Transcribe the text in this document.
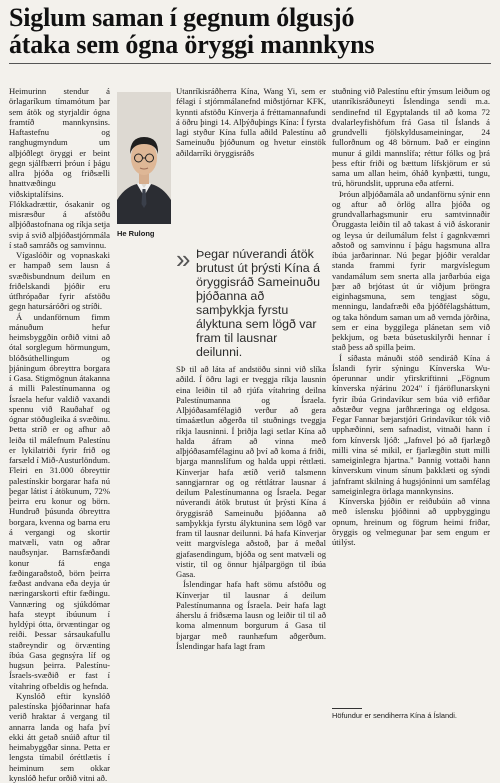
Siglum saman í gegnum ólgusjó
átaka sem ógna öryggi mannkyns

Heimurinn stendur á örlagaríkum tímamótum þar sem átök og styrjaldir ógna framtíð mannkynsins. Haftastefnu og ranghugmyndum um alþjóðlegt öryggi er beint gegn sjálfbærri þróun í þágu allra þjóða og friðsælli hnattvæðingu viðskiptalífsins. Flókkadrættir, ósakanir og misræsður á afstöðu alþjóðastofnana og ríkja setja svip á svið alþjóðastjórnmála í stað samráðs og samvinnu.

Vígaslóðir og vopnaskaki er hampað sem lausn á svæðisbundnum deilum en friðelskandi þjóðir eru útfhrópaðar fyrir afstöðu gegn hatursáróðri og stríði.

Á undanförnum fimm mánuðum hefur heimsbyggðin orðið vitni að ótal sorglegum hörmungum, blóðsúthellingum og þjáningum óbreyttra borgara í Gasa. Stigmögnun átakanna á milli Palestínumanna og Ísraela hefur valdið vaxandi spennu við Rauðahaf og ógnar stöðugleika á svæðinu. Þetta stríð er og afhur að leiða til málefnum Palestínu er lykilatriði fyrir frið og farsæld í Mið-Austurlöndum. Fleiri en 31.000 óbreyttir palestínskir borgarar hafa nú þegar látist í átökunum, 72% þeirra eru konur og börn. Hundruð þúsunda óbreyttra borgara, kvenna og barna eru á vergangi og skortir matvæli, vatn og aðrar nauðsynjar. Barnsfæðandi konur fá enga fæðingaraðstoð, börn þeirra fæðast andvana eða deyja úr næringarskorti eftir fæðingu. Vannæring og sjúkdómar hafa steypt íbúunum í hyldýpi ótta, örvæntingar og reiði. Þessar sársaukafullu staðreyndir og örvænting íbúa Gasa gegnsýra líf og hugsun þeirra. Palestínu-Ísraels-svæðið er fast í vítahring ofbeldis og hefnda.

Kynslóð eftir kynslóð palestínska þjóðarinnar hafa verið hraktar á vergang til annarra landa og hafa því ekki átt getað snúið aftur til heimabyggðar sinna. Petta er lengsta tímabil óréttlætis í heiminum sem okkar kynslóð hefur orðið vitni að.

He Rulong

Utanríkisráðherra Kína, Wang Yi, sem er félagi í stjórnmálanefnd miðstjórnar KFK, kynnti afstöðu Kínverja á fréttamannafundi á öðru þingi 14. Alþýðuþings Kína: Í fyrsta lagi styður Kína fulla aðild Palestínu að Sameinuðu þjóðunum og hvetur einstök aðildarríki öryggisráðs

» Þegar núverandi átök brutust út þrýsti Kína á öryggisráð Sameinuðu þjóðanna að samþykkja fyrstu ályktuna sem lögð var fram til lausnar deilunni.

SÞ til að láta af andstöðu sinni við slíka aðild. Í öðru lagi er tveggja ríkja lausnin eina leiðin til að rjúfa vítahring deilna Palestínumanna og Ísraela. Alþjóðasamfélagið verður að gera tímaáætlun aðgerða til stuðnings tveggja ríkja lausninni. Í þriðja lagi setlar Kína að halda áfram að vinna með alþjóðasamfélaginu að því að koma á friði, bjarga mannslífum og halda uppi réttlæti. Kínverjar hafa ætíð verið talsmenn sanngjarnrar og og réttlátrar lausnar á deilum Palestínumanna og Ísraela. Þegar núverandi átök brutust út þrýsti Kína á öryggisráð Sameinuðu þjóðanna að samþykkja fyrstu ályktunina sem lögð var fram til lausnar deilunni. Þá hafa Kínverjar veitt margvíslega aðstoð, þar á meðal gjafasendingum, bjóða og sent matvæli og vistir, til og önnur hjálpargögn til íbúa Gasa.

Íslendingar hafa haft sömu afstöðu og Kínverjar til lausnar á deilum Palestínumanna og Ísraela. Þeir hafa lagt áherslu á friðsæma lausn og leiðir til til að koma almennum borgurum á Gasa til bjargar með raunhæfum aðgerðum. Íslendingar hafa lagt fram

stuðning við Palestínu eftir ýmsum leiðum og utanríkisráðuneyti Íslendinga sendi m.a. sendinefnd til Egyptalands til að koma 72 dvalarleyfishöfum frá Gasa til Íslands á grundvelli fjölskyldusameiningar, 24 fullorðnum og 48 börnum. Það er einginn munur á gildi mannslífa; réttur fólks og þrá þess eftir friði og bættum lífskjörum er sú sama um allan heim, óháð kynþætti, tungu, trú, hörundslit, uppruna eða atferni.

Þróun alþjóðamála að undanförnu sýnir enn og aftur að örlög allra þjóða og grundvallarhagsmunir eru samtvinnaðir Öruggasta leiðin til að takast á við áskoranir og leysa úr deilumálum felst í gagnkvæmri aðstoð og samvinnu í þágu hagsmuna allra íbúa jarðarinnar. Nú þegar þjóðir veraldar standa frammi fyrir margvíslegum vandamálum sem snerta alla jarðarbúa eiga þær að brjótast út úr viðjum þröngra eiginhagsmuna, sem tengjast sögu, menningu, landafræði eða þjóðfélagsháttum, og taka höndum saman um að vernda jörðina, sem er eina byggilega plánetan sem við þekkjum, og bæta búsetuskilyrði hennar í stað þess að spilla þeim.

Í síðasta mánuði stóð sendiráð Kína á Íslandi fyrir sýningu Kínverska Wu-óperunnar undir yfirskriftinni „Fögnum kínverska nýárinu 2024" í fjáröflunarskyni fyrir íbúa Grindavíkur sem búa við erfiðar aðstæður vegna jarðhræringa og eldgosa. Fegar Fannar bæjarstjóri Grindavíkur tók við upphæðinni, sem safnadist, vitnaði hann í forn kínversk ljóð: „Jafnvel þó að fjarlægð milli vina sé mikil, er fjarlægðin stutt milli sameiginlegra hjartna." Þannig vottaði hann kínverskum vinum sínum þakklæti og sýndi jafnframt skilning á hugsjóninni um samfélag sameiginlegra örlaga mannkynsins.

Kínverska þjóðin er reiðubúin að vinna með íslensku þjóðinni að uppbyggingu opnum, hreinum og fögrum heimi friðar, öryggis og velmegunar þar sem engum er útilýst.

Höfundur er sendiherra Kína á Íslandi.
